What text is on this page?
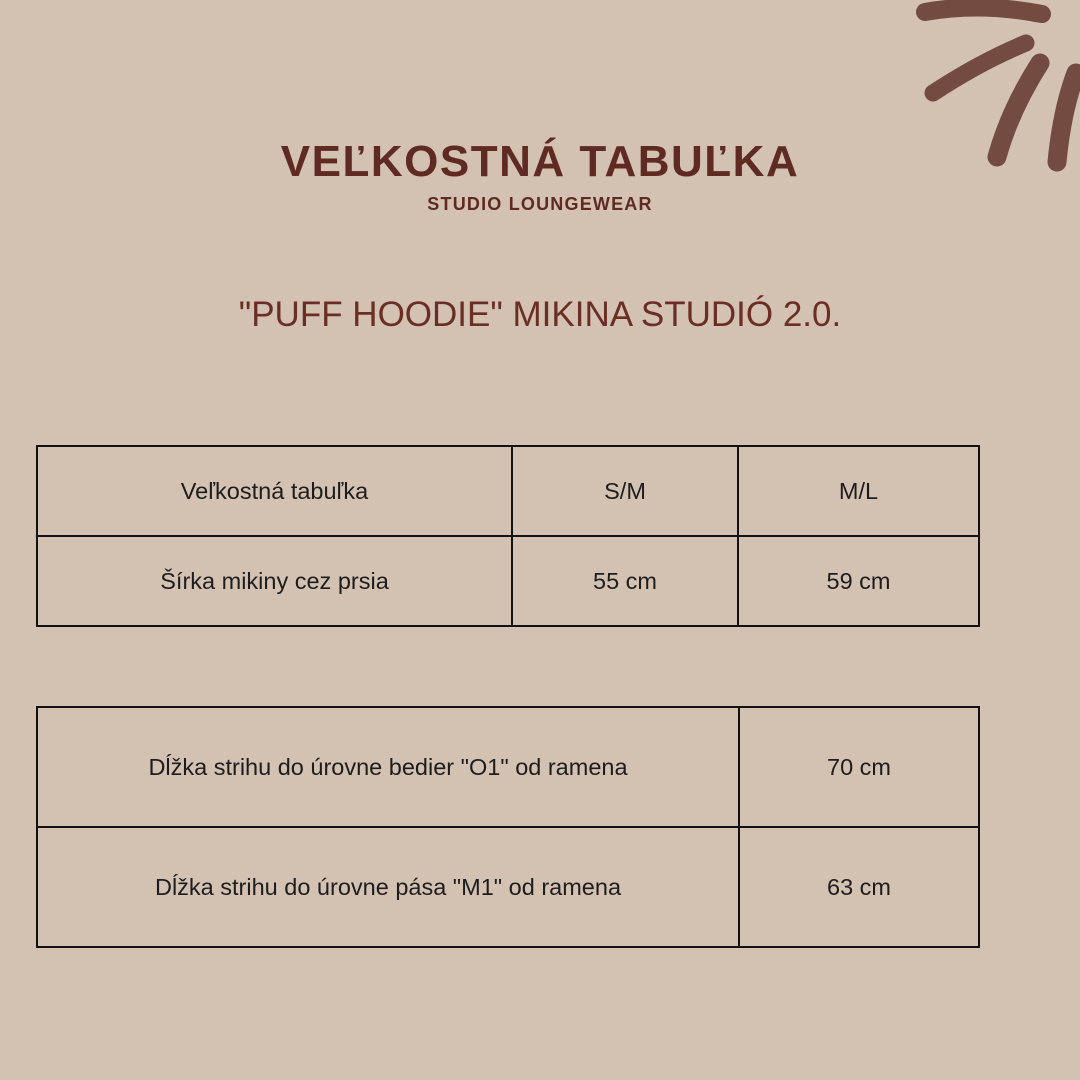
VEĽKOSTNÁ TABUĽKA
STUDIO LOUNGEWEAR
"PUFF HOODIE" MIKINA STUDIÓ 2.0.
Veľkostná tabuľka	S/M	M/L
Šírka mikiny cez prsia	55 cm	59 cm
Dĺžka strihu do úrovne bedier "O1" od ramena	70 cm
Dĺžka strihu do úrovne pása "M1" od ramena	63 cm
